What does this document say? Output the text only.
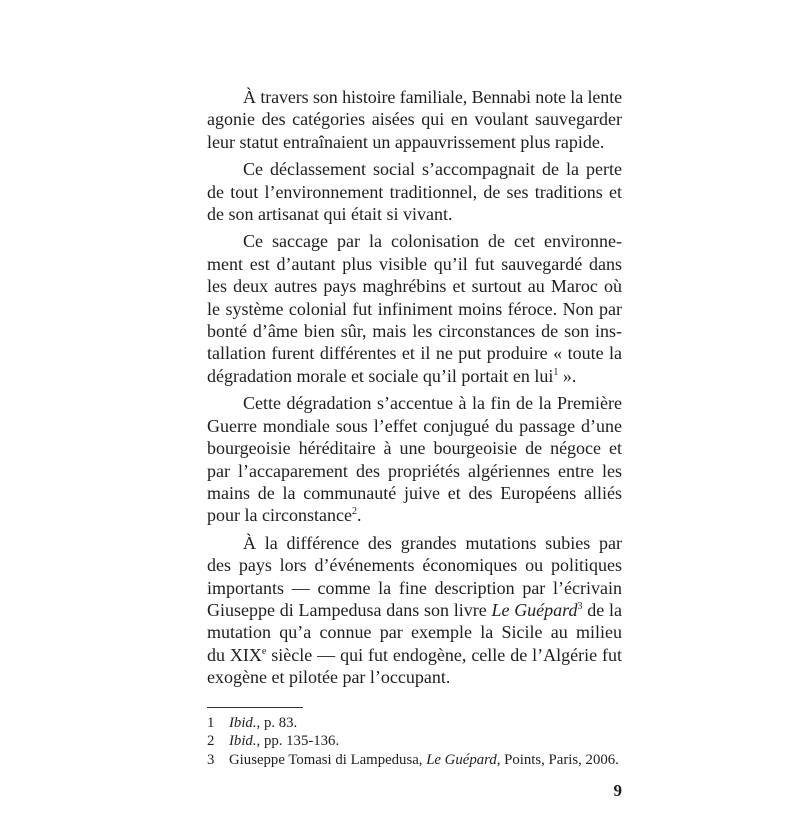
À travers son histoire familiale, Bennabi note la lente
agonie des catégories aisées qui en voulant sauvegarder
leur statut entraînaient un appauvrissement plus rapide.
Ce déclassement social s’accompagnait de la perte
de tout l’environnement traditionnel, de ses traditions et
de son artisanat qui était si vivant.
Ce saccage par la colonisation de cet environne-
ment est d’autant plus visible qu’il fut sauvegardé dans
les deux autres pays maghrébins et surtout au Maroc où
le système colonial fut infiniment moins féroce. Non par
bonté d’âme bien sûr, mais les circonstances de son ins-
tallation furent différentes et il ne put produire « toute la
dégradation morale et sociale qu’il portait en lui$^1$ ».
Cette dégradation s’accentue à la fin de la Première
Guerre mondiale sous l’effet conjugué du passage d’une
bourgeoisie héréditaire à une bourgeoisie de négoce et
par l’accaparement des propriétés algériennes entre les
mains de la communauté juive et des Européens alliés
pour la circonstance$^2$.
À la différence des grandes mutations subies par
des pays lors d’événements économiques ou politiques
importants — comme la fine description par l’écrivain
Giuseppe di Lampedusa dans son livre Le Guépard$^3$ de la
mutation qu’a connue par exemple la Sicile au milieu
du XIXe siècle — qui fut endogène, celle de l’Algérie fut
exogène et pilotée par l’occupant.
1 Ibid., p. 83.
2 Ibid., pp. 135-136.
3 Giuseppe Tomasi di Lampedusa, Le Guépard, Points, Paris, 2006.
9
